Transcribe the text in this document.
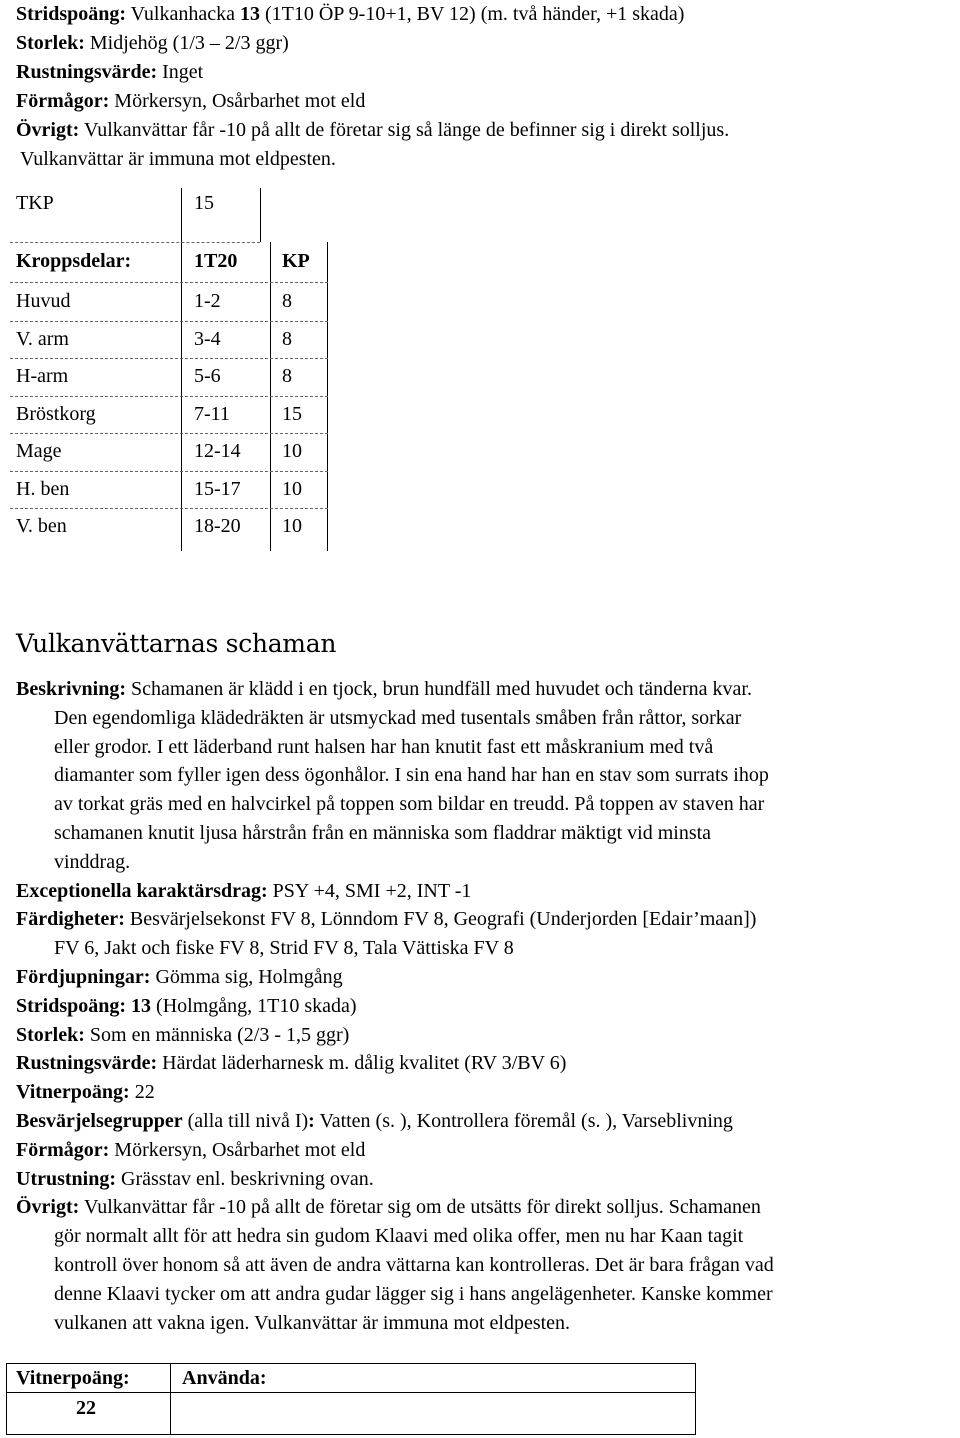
Stridspoäng: Vulkanhacka 13 (1T10 ÖP 9-10+1, BV 12) (m. två händer, +1 skada)
Storlek: Midjehög (1/3 – 2/3 ggr)
Rustningsvärde: Inget
Förmågor: Mörkersyn, Osårbarhet mot eld
Övrigt: Vulkanvättar får -10 på allt de företar sig så länge de befinner sig i direkt solljus.
Vulkanvättar är immuna mot eldpesten.
TKP	15
Kroppsdelar:	1T20 KP
Huvud	1-2	8
V. arm	3-4	8
H-arm	5-6	8
Bröstkorg	7-11	15
Mage	12-14 10
H. ben	15-17 10
V. ben	18-20 10
Vulkanvättarnas schaman
Beskrivning: Schamanen är klädd i en tjock, brun hundfäll med huvudet och tänderna kvar.
Den egendomliga klädedräkten är utsmyckad med tusentals småben från råttor, sorkar
eller grodor. I ett läderband runt halsen har han knutit fast ett måskranium med två
diamanter som fyller igen dess ögonhålor. I sin ena hand har han en stav som surrats ihop
av torkat gräs med en halvcirkel på toppen som bildar en treudd. På toppen av staven har
schamanen knutit ljusa hårstrån från en människa som fladdrar mäktigt vid minsta
vinddrag.
Exceptionella karaktärsdrag: PSY +4, SMI +2, INT -1
Färdigheter: Besvärjelsekonst FV 8, Lönndom FV 8, Geografi (Underjorden [Edair’maan])
FV 6, Jakt och fiske FV 8, Strid FV 8, Tala Vättiska FV 8
Fördjupningar: Gömma sig, Holmgång
Stridspoäng: 13 (Holmgång, 1T10 skada)
Storlek: Som en människa (2/3 - 1,5 ggr)
Rustningsvärde: Härdat läderharnesk m. dålig kvalitet (RV 3/BV 6)
Vitnerpoäng: 22
Besvärjelsegrupper (alla till nivå I): Vatten (s. ), Kontrollera föremål (s. ), Varseblivning
Förmågor: Mörkersyn, Osårbarhet mot eld
Utrustning: Grässtav enl. beskrivning ovan.
Övrigt: Vulkanvättar får -10 på allt de företar sig om de utsätts för direkt solljus. Schamanen
gör normalt allt för att hedra sin gudom Klaavi med olika offer, men nu har Kaan tagit
kontroll över honom så att även de andra vättarna kan kontrolleras. Det är bara frågan vad
denne Klaavi tycker om att andra gudar lägger sig i hans angelägenheter. Kanske kommer
vulkanen att vakna igen. Vulkanvättar är immuna mot eldpesten.
Vitnerpoäng:	Använda:
22
